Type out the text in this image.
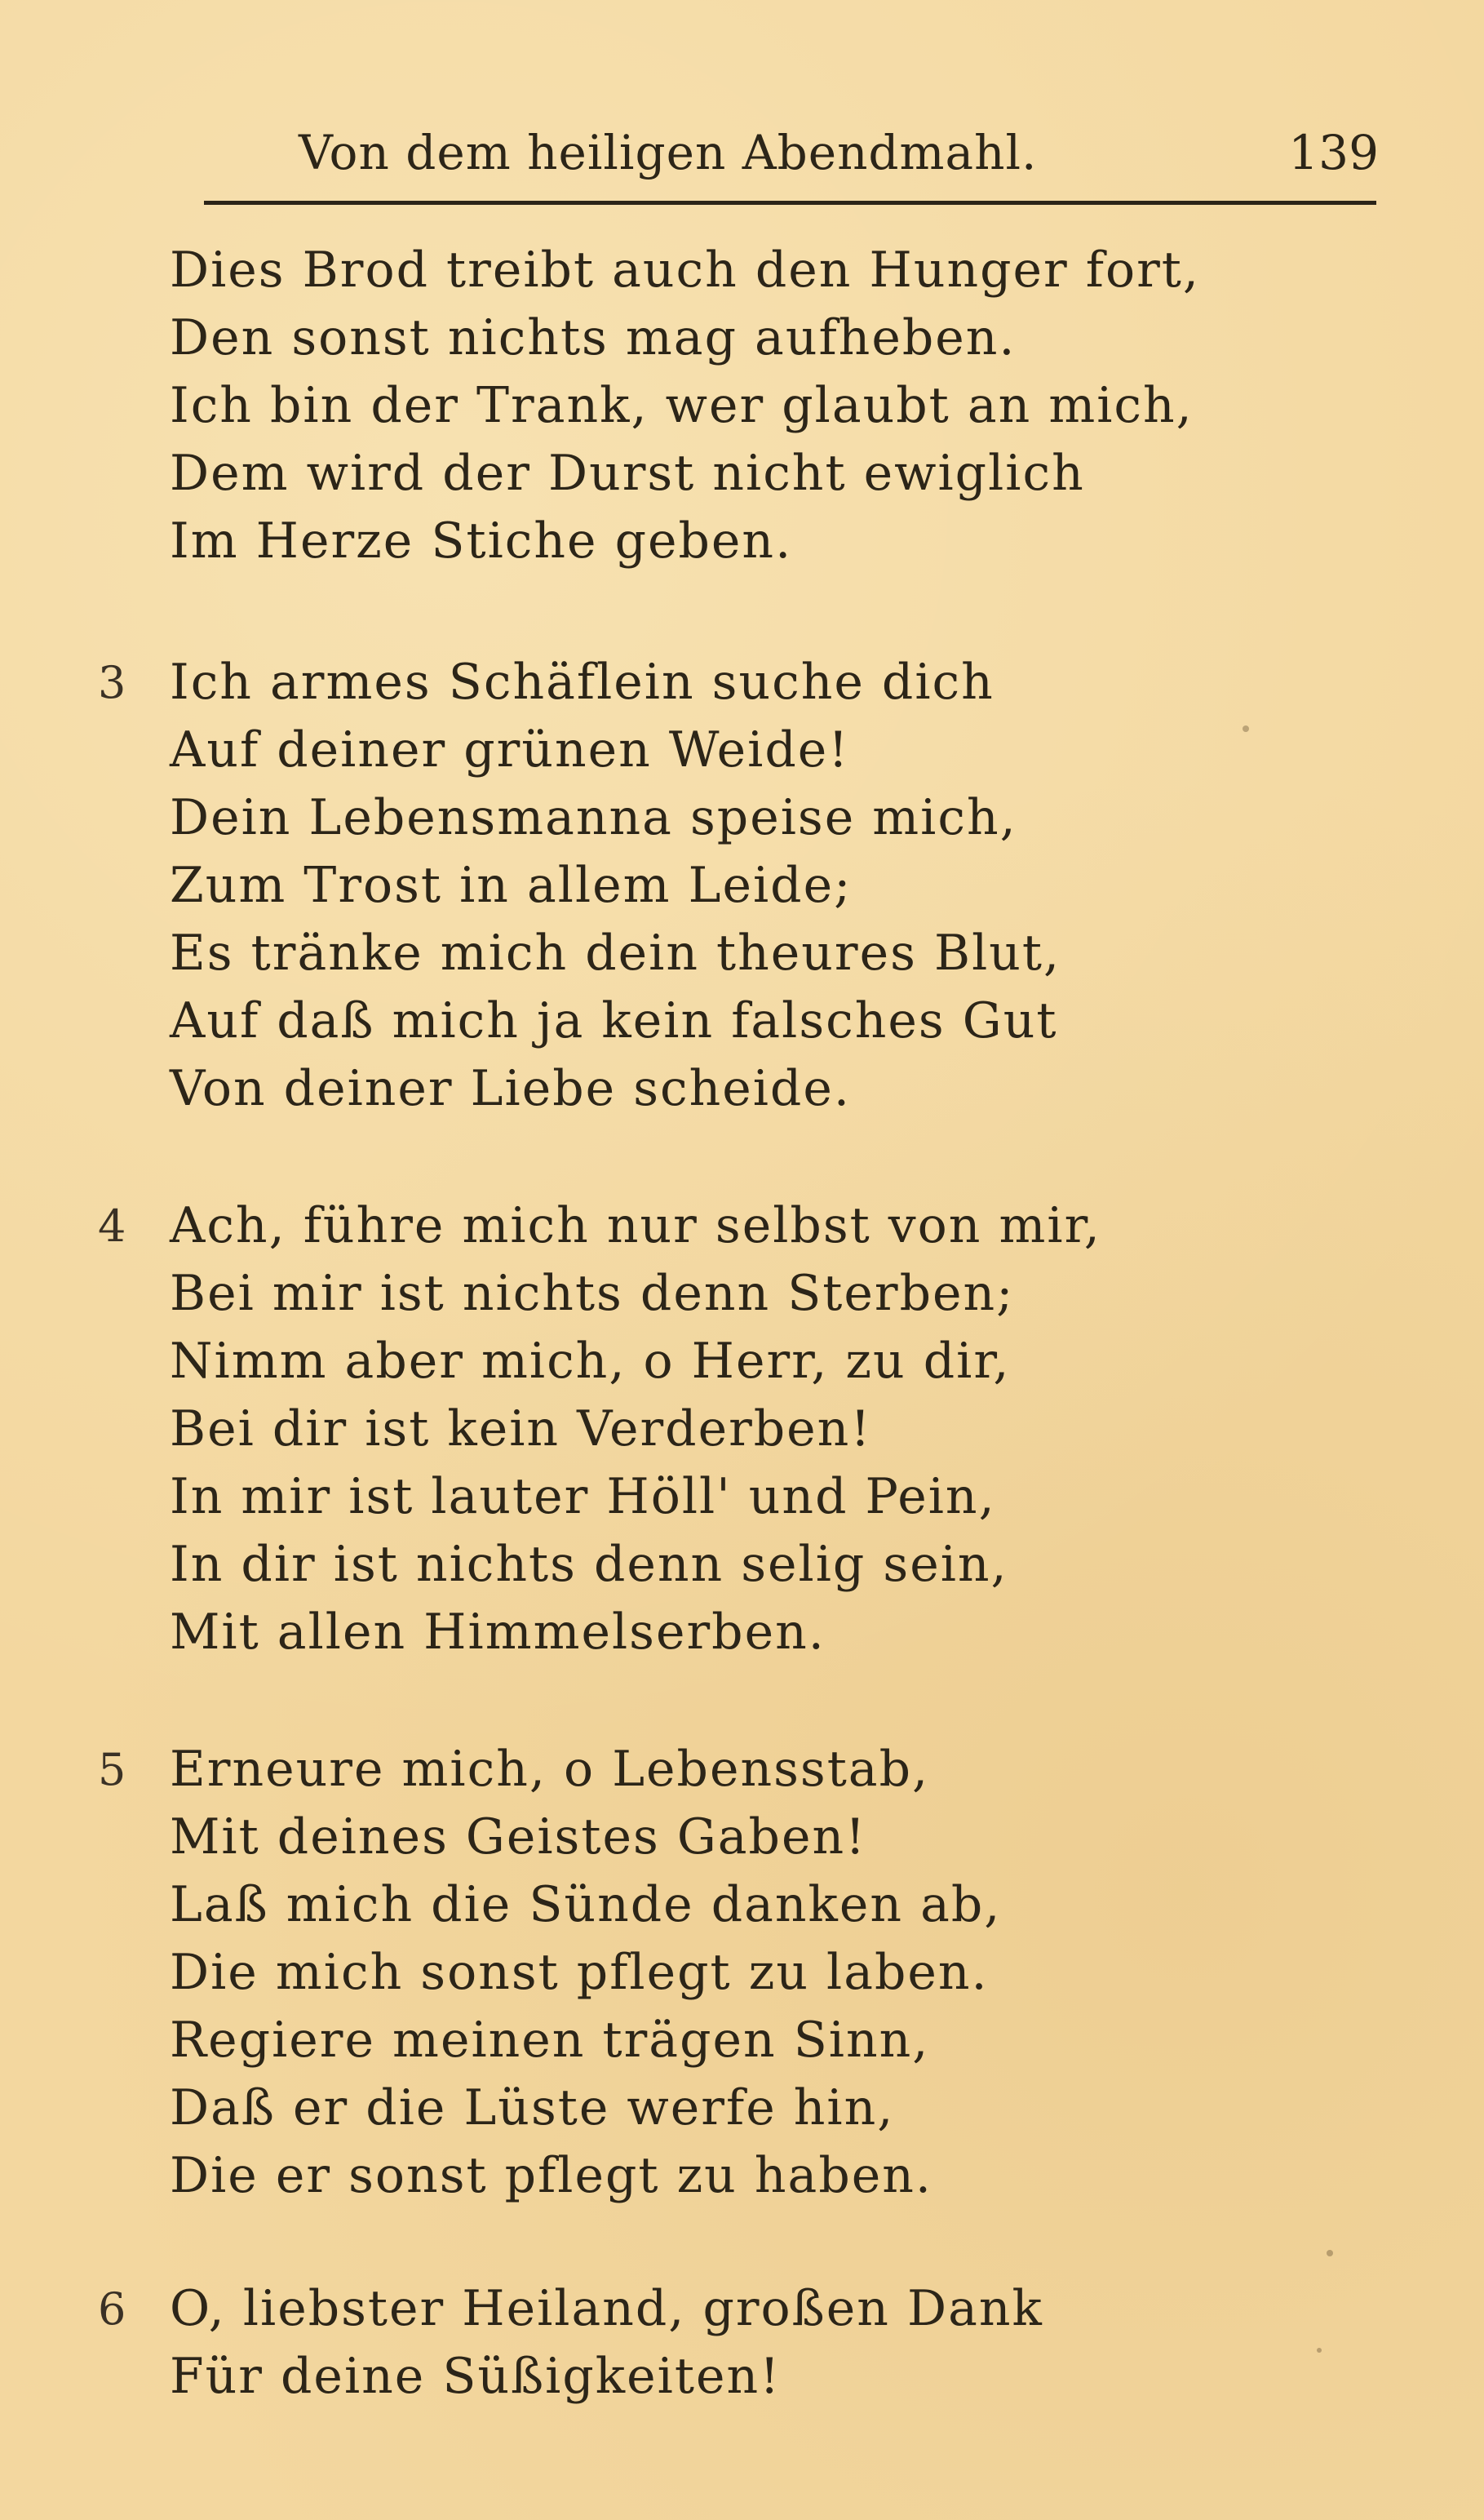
Von dem heiligen Abendmahl.	139
Dies Brod treibt auch den Hunger fort,
Den sonst nichts mag aufheben.
Ich bin der Trank, wer glaubt an mich,
Dem wird der Durst nicht ewiglich
Im Herze Stiche geben.
3 Ich armes Schäflein suche dich
Auf deiner grünen Weide!
Dein Lebensmanna speise mich,
Zum Trost in allem Leide;
Es tränke mich dein theures Blut,
Auf daß mich ja kein falsches Gut
Von deiner Liebe scheide.
4 Ach, führe mich nur selbst von mir,
Bei mir ist nichts denn Sterben;
Nimm aber mich, o Herr, zu dir,
Bei dir ist kein Verderben!
In mir ist lauter Höll' und Pein,
In dir ist nichts denn selig sein,
Mit allen Himmelserben.
5 Erneure mich, o Lebensstab,
Mit deines Geistes Gaben!
Laß mich die Sünde danken ab,
Die mich sonst pflegt zu laben.
Regiere meinen trägen Sinn,
Daß er die Lüste werfe hin,
Die er sonst pflegt zu haben.
6 O, liebster Heiland, großen Dank
Für deine Süßigkeiten!
